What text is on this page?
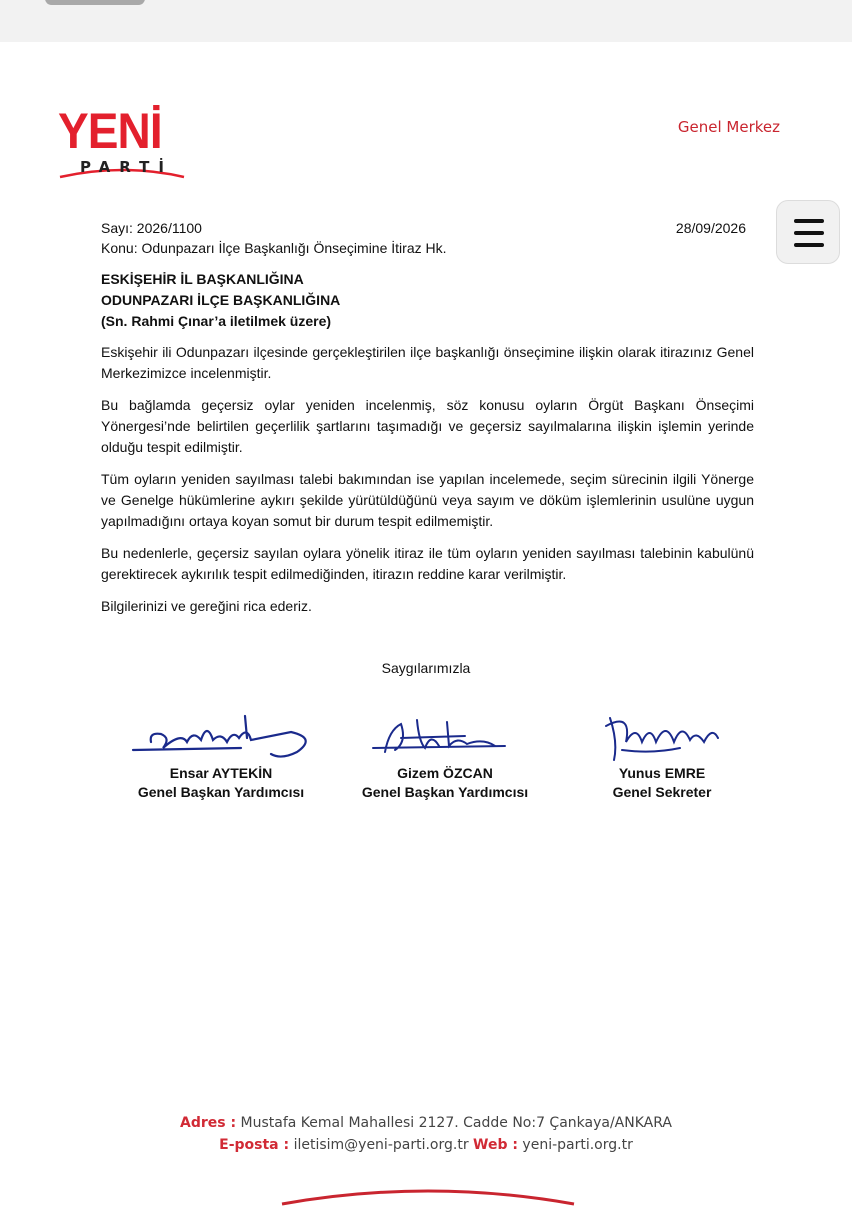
YENİ
PARTİ
Genel Merkez
Sayı: 2026/1100
Konu: Odunpazarı İlçe Başkanlığı Önseçimine İtiraz Hk.
28/09/2026
ESKİŞEHİR İL BAŞKANLIĞINA
ODUNPAZARI İLÇE BAŞKANLIĞINA
(Sn. Rahmi Çınar’a iletilmek üzere)

Eskişehir ili Odunpazarı ilçesinde gerçekleştirilen ilçe başkanlığı önseçimine ilişkin olarak itirazınız Genel Merkezimizce incelenmiştir.

Bu bağlamda geçersiz oylar yeniden incelenmiş, söz konusu oyların Örgüt Başkanı Önseçimi Yönergesi’nde belirtilen geçerlilik şartlarını taşımadığı ve geçersiz sayılmalarına ilişkin işlemin yerinde olduğu tespit edilmiştir.

Tüm oyların yeniden sayılması talebi bakımından ise yapılan incelemede, seçim sürecinin ilgili Yönerge ve Genelge hükümlerine aykırı şekilde yürütüldüğünü veya sayım ve döküm işlemlerinin usulüne uygun yapılmadığını ortaya koyan somut bir durum tespit edilmemiştir.

Bu nedenlerle, geçersiz sayılan oylara yönelik itiraz ile tüm oyların yeniden sayılması talebinin kabulünü gerektirecek aykırılık tespit edilmediğinden, itirazın reddine karar verilmiştir.

Bilgilerinizi ve gereğini rica ederiz.

Saygılarımızla
Ensar AYTEKİN
Genel Başkan Yardımcısı
Gizem ÖZCAN
Genel Başkan Yardımcısı
Yunus EMRE
Genel Sekreter
Adres : Mustafa Kemal Mahallesi 2127. Cadde No:7 Çankaya/ANKARA
E-posta : iletisim@yeni-parti.org.tr Web : yeni-parti.org.tr
